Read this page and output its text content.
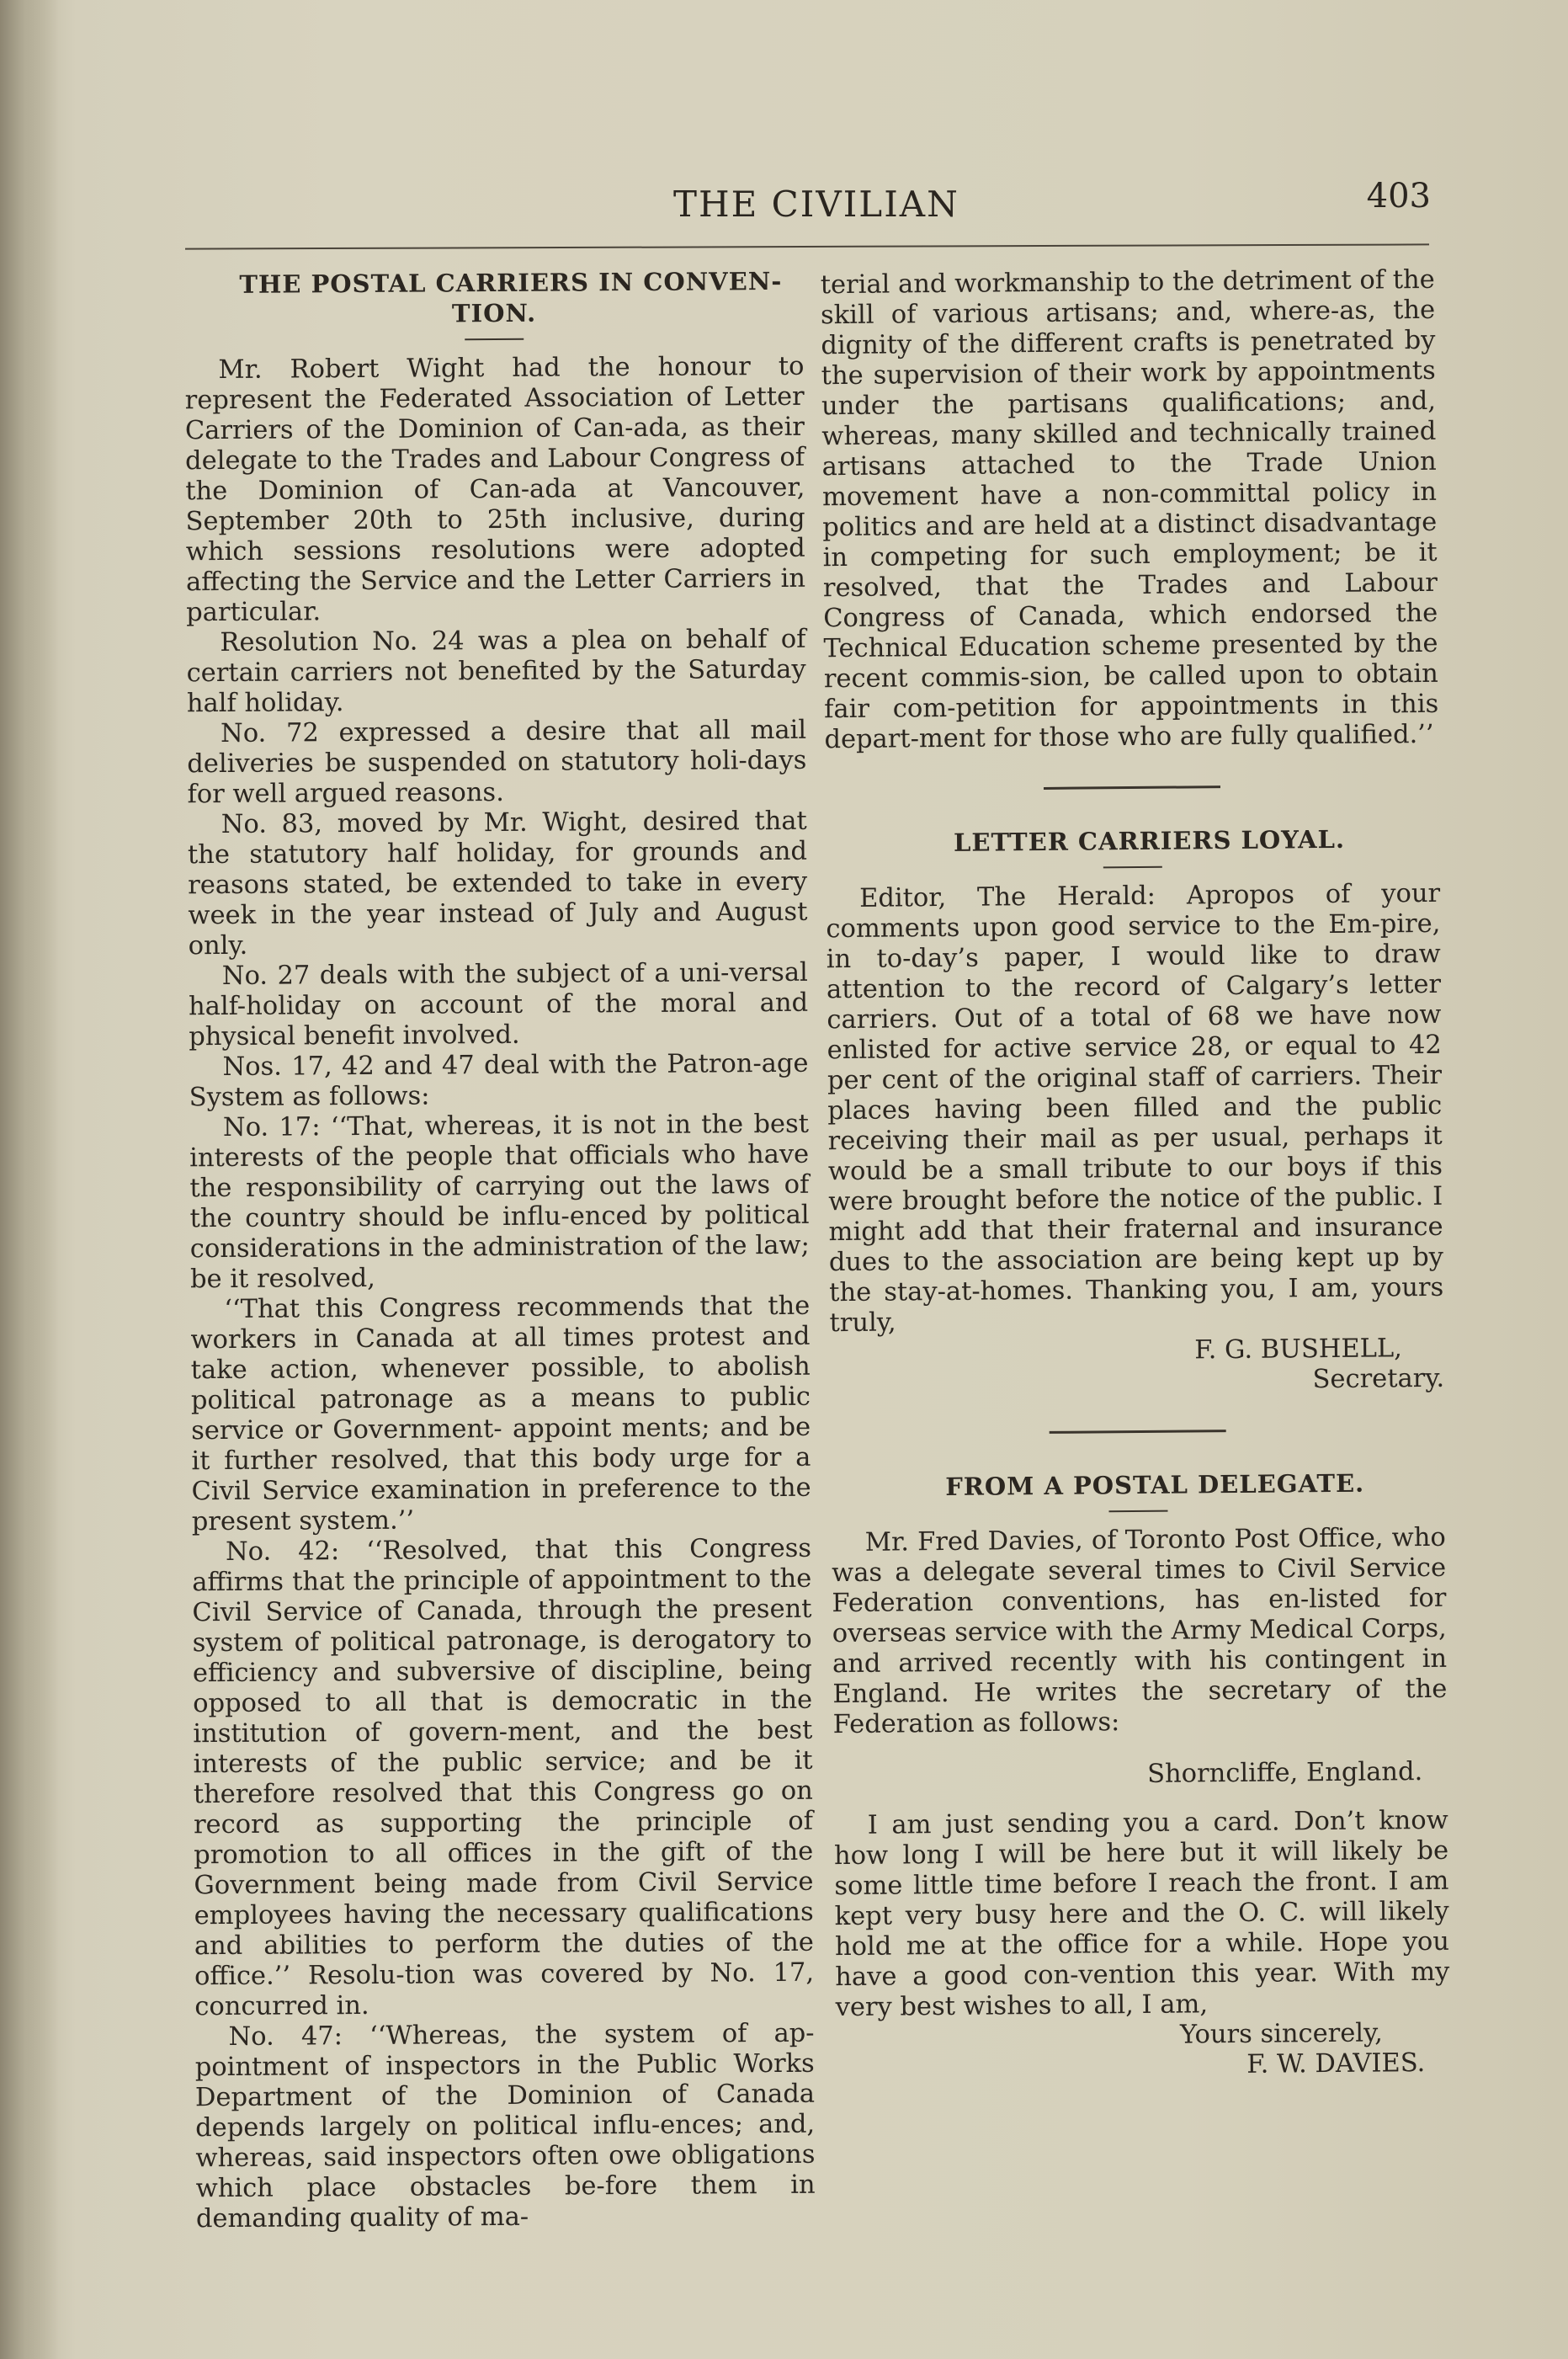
THE CIVILIAN	403

THE POSTAL CARRIERS IN CONVEN-TION.

Mr. Robert Wight had the honour to represent the Federated Association of Letter Carriers of the Dominion of Can-ada, as their delegate to the Trades and Labour Congress of the Dominion of Can-ada at Vancouver, September 20th to 25th inclusive, during which sessions resolutions were adopted affecting the Service and the Letter Carriers in particular.

Resolution No. 24 was a plea on behalf of certain carriers not benefited by the Saturday half holiday.

No. 72 expressed a desire that all mail deliveries be suspended on statutory holi-days for well argued reasons.

No. 83, moved by Mr. Wight, desired that the statutory half holiday, for grounds and reasons stated, be extended to take in every week in the year instead of July and August only.

No. 27 deals with the subject of a uni-versal half-holiday on account of the moral and physical benefit involved.

Nos. 17, 42 and 47 deal with the Patron-age System as follows:

No. 17: ‘‘That, whereas, it is not in the best interests of the people that officials who have the responsibility of carrying out the laws of the country should be influ-enced by political considerations in the administration of the law; be it resolved,

‘‘That this Congress recommends that the workers in Canada at all times protest and take action, whenever possible, to abolish political patronage as a means to public service or Government- appoint ments; and be it further resolved, that this body urge for a Civil Service examination in preference to the present system.’’

No. 42: ‘‘Resolved, that this Congress affirms that the principle of appointment to the Civil Service of Canada, through the present system of political patronage, is derogatory to efficiency and subversive of discipline, being opposed to all that is democratic in the institution of govern-ment, and the best interests of the public service; and be it therefore resolved that this Congress go on record as supporting the principle of promotion to all offices in the gift of the Government being made from Civil Service employees having the necessary qualifications and abilities to perform the duties of the office.’’ Resolu-tion was covered by No. 17, concurred in.

No. 47: ‘‘Whereas, the system of ap-pointment of inspectors in the Public Works Department of the Dominion of Canada depends largely on political influ-ences; and, whereas, said inspectors often owe obligations which place obstacles be-fore them in demanding quality of ma-

terial and workmanship to the detriment of the skill of various artisans; and, where-as, the dignity of the different crafts is penetrated by the supervision of their work by appointments under the partisans qualifications; and, whereas, many skilled and technically trained artisans attached to the Trade Union movement have a non-committal policy in politics and are held at a distinct disadvantage in competing for such employment; be it resolved, that the Trades and Labour Congress of Canada, which endorsed the Technical Education scheme presented by the recent commis-sion, be called upon to obtain fair com-petition for appointments in this depart-ment for those who are fully qualified.’’

LETTER CARRIERS LOYAL.

Editor, The Herald: Apropos of your comments upon good service to the Em-pire, in to-day’s paper, I would like to draw attention to the record of Calgary’s letter carriers. Out of a total of 68 we have now enlisted for active service 28, or equal to 42 per cent of the original staff of carriers. Their places having been filled and the public receiving their mail as per usual, perhaps it would be a small tribute to our boys if this were brought before the notice of the public. I might add that their fraternal and insurance dues to the association are being kept up by the stay-at-homes. Thanking you, I am, yours truly,

F. G. BUSHELL,

Secretary.

FROM A POSTAL DELEGATE.

Mr. Fred Davies, of Toronto Post Office, who was a delegate several times to Civil Service Federation conventions, has en-listed for overseas service with the Army Medical Corps, and arrived recently with his contingent in England. He writes the secretary of the Federation as follows:

Shorncliffe, England.

I am just sending you a card. Don’t know how long I will be here but it will likely be some little time before I reach the front. I am kept very busy here and the O. C. will likely hold me at the office for a while. Hope you have a good con-vention this year. With my very best wishes to all, I am,

Yours sincerely,

F. W. DAVIES.
